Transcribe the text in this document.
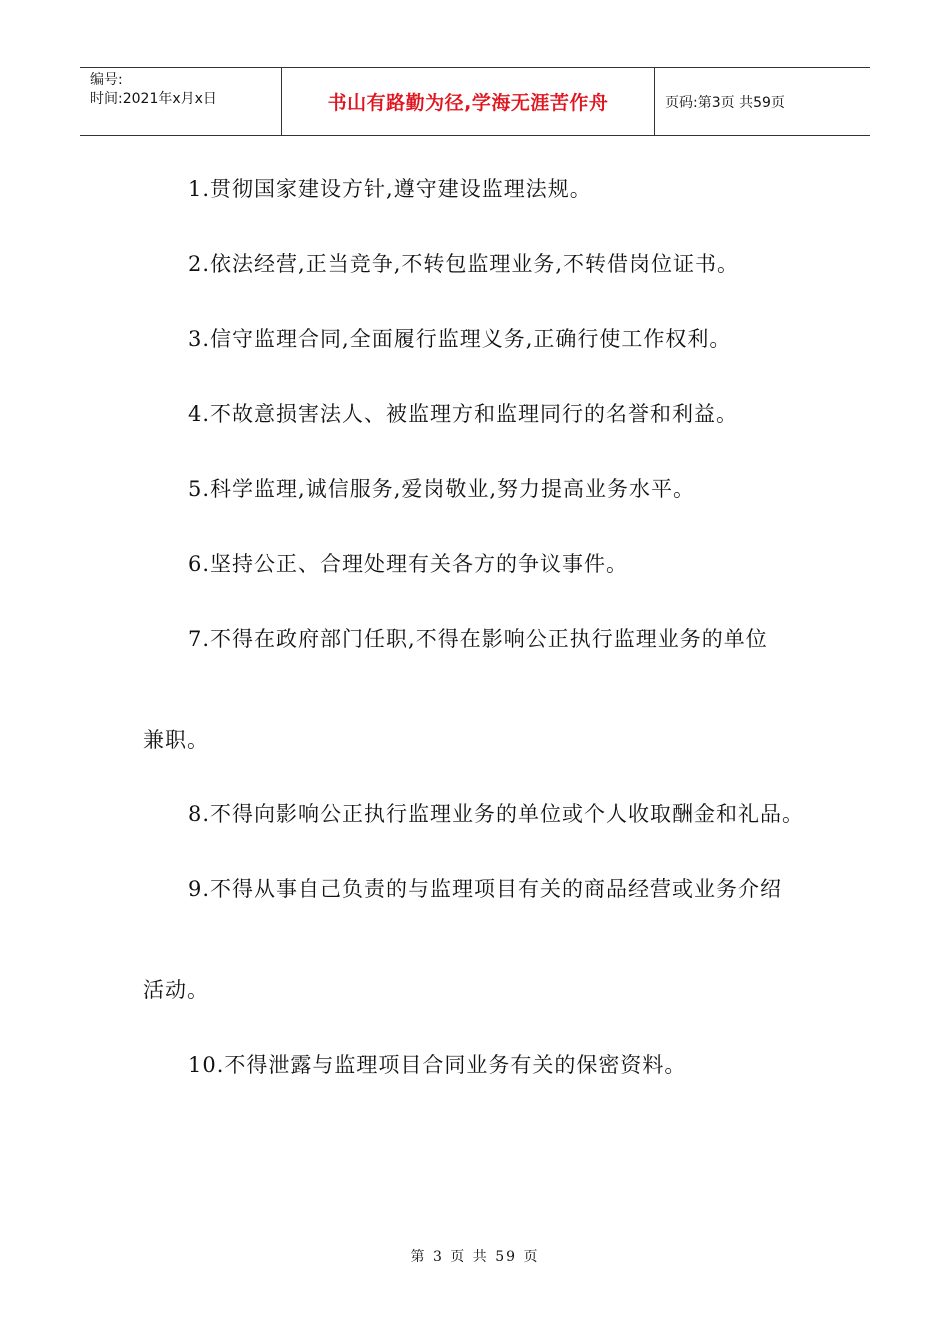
编号:
时间:2021年x月x日	书山有路勤为径,学海无涯苦作舟	页码:第3页 共59页
1.贯彻国家建设方针,遵守建设监理法规。
2.依法经营,正当竞争,不转包监理业务,不转借岗位证书。
3.信守监理合同,全面履行监理义务,正确行使工作权利。
4.不故意损害法人、被监理方和监理同行的名誉和利益。
5.科学监理,诚信服务,爱岗敬业,努力提高业务水平。
6.坚持公正、合理处理有关各方的争议事件。
7.不得在政府部门任职,不得在影响公正执行监理业务的单位
兼职。
8.不得向影响公正执行监理业务的单位或个人收取酬金和礼品。
9.不得从事自己负责的与监理项目有关的商品经营或业务介绍
活动。
10.不得泄露与监理项目合同业务有关的保密资料。
第 3 页 共 59 页
